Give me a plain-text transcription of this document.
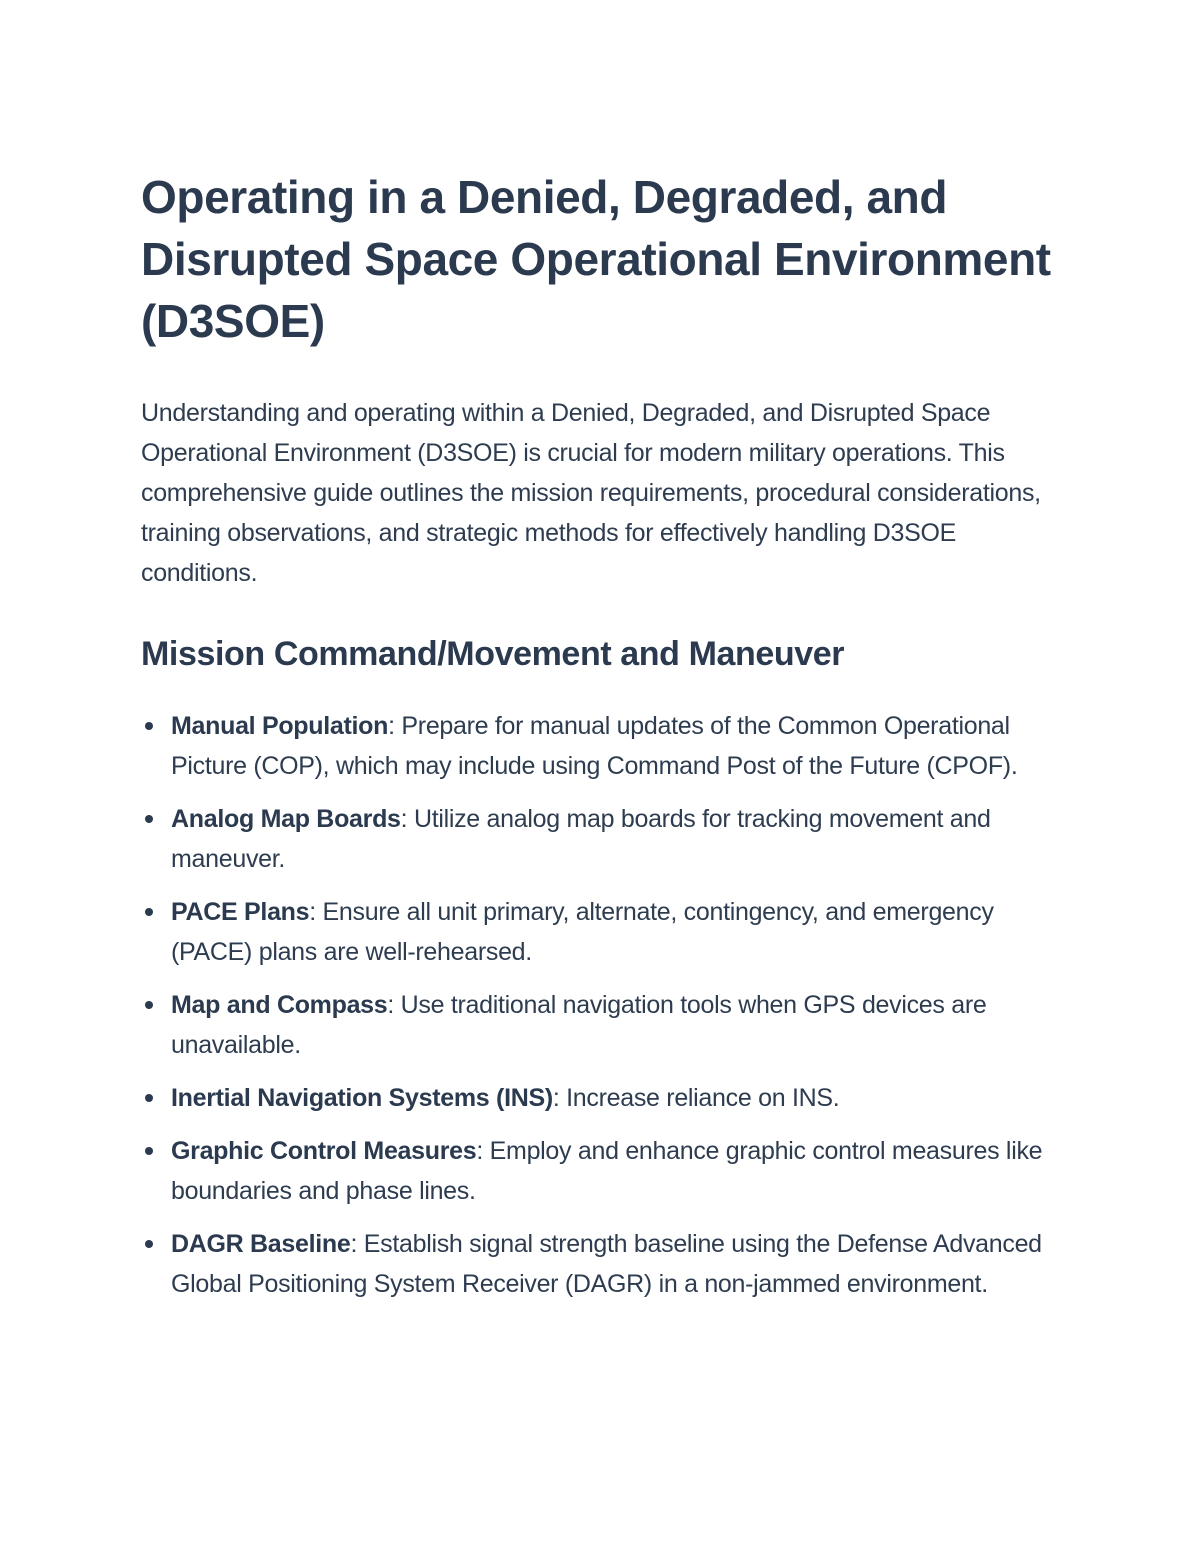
Operating in a Denied, Degraded, and Disrupted Space Operational Environment (D3SOE)

Understanding and operating within a Denied, Degraded, and Disrupted Space Operational Environment (D3SOE) is crucial for modern military operations. This comprehensive guide outlines the mission requirements, procedural considerations, training observations, and strategic methods for effectively handling D3SOE conditions.

Mission Command/Movement and Maneuver
Manual Population: Prepare for manual updates of the Common Operational Picture (COP), which may include using Command Post of the Future (CPOF).
Analog Map Boards: Utilize analog map boards for tracking movement and maneuver.
PACE Plans: Ensure all unit primary, alternate, contingency, and emergency (PACE) plans are well-rehearsed.
Map and Compass: Use traditional navigation tools when GPS devices are unavailable.
Inertial Navigation Systems (INS): Increase reliance on INS.
Graphic Control Measures: Employ and enhance graphic control measures like boundaries and phase lines.
DAGR Baseline: Establish signal strength baseline using the Defense Advanced Global Positioning System Receiver (DAGR) in a non-jammed environment.
